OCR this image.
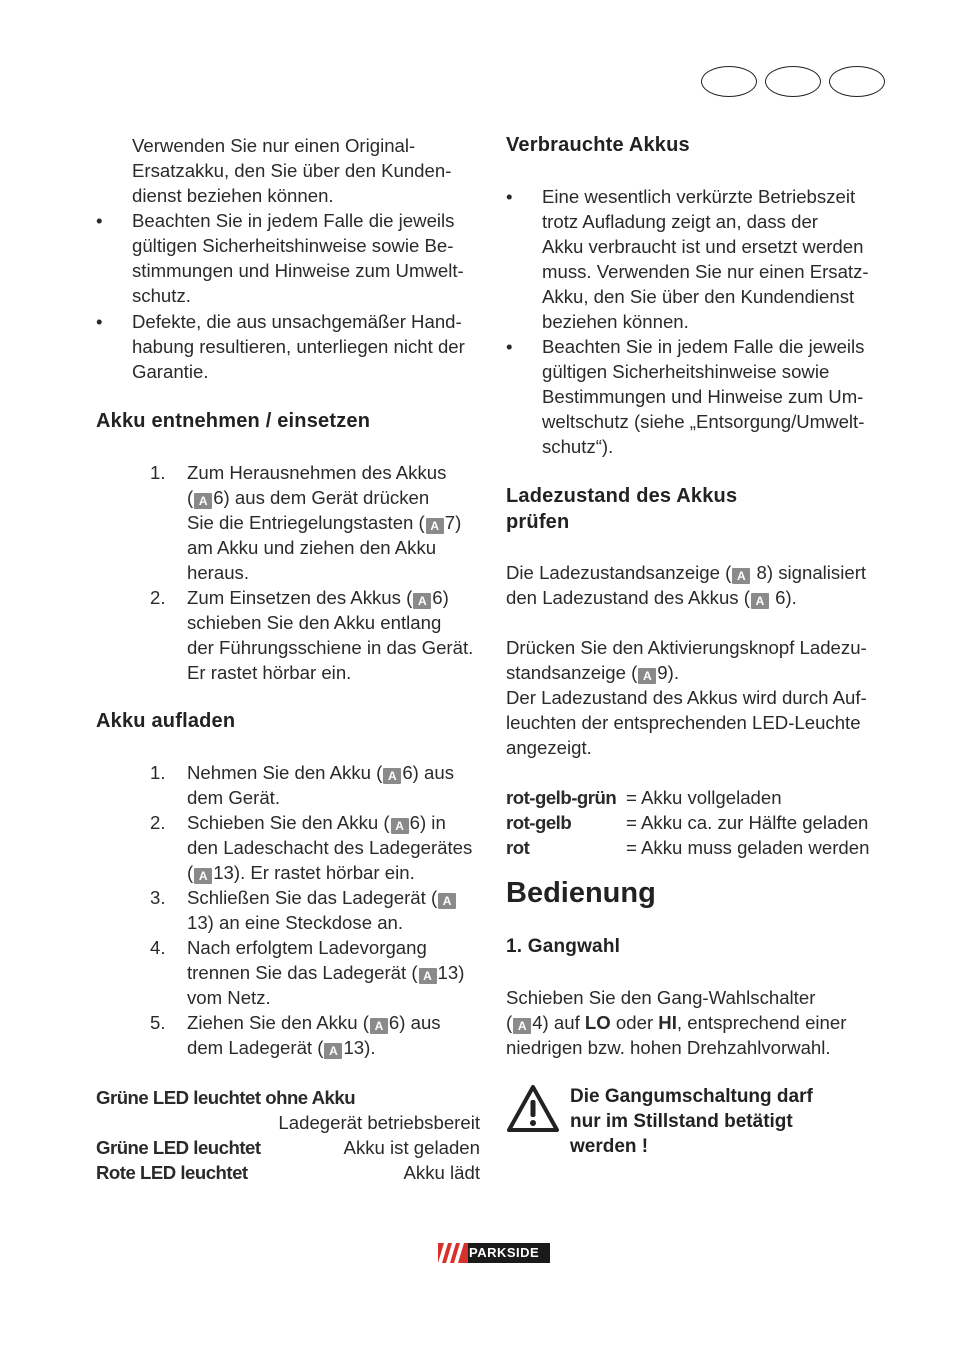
Verwenden Sie nur einen Original-
Ersatzakku, den Sie über den Kunden-
dienst beziehen können.
• Beachten Sie in jedem Falle die jeweils
gültigen Sicherheitshinweise sowie Be-
stimmungen und Hinweise zum Umwelt-
schutz.
• Defekte, die aus unsachgemäßer Hand-
habung resultieren, unterliegen nicht der
Garantie.
Akku entnehmen / einsetzen
1. Zum Herausnehmen des Akkus
( A 6) aus dem Gerät drücken
Sie die Entriegelungstasten ( A 7)
am Akku und ziehen den Akku
heraus.
2. Zum Einsetzen des Akkus ( A 6)
schieben Sie den Akku entlang
der Führungsschiene in das Gerät.
Er rastet hörbar ein.
Akku aufladen
1. Nehmen Sie den Akku ( A 6) aus
dem Gerät.
2. Schieben Sie den Akku ( A 6) in
den Ladeschacht des Ladegerätes
( A 13). Er rastet hörbar ein.
3. Schließen Sie das Ladegerät ( A
13) an eine Steckdose an.
4. Nach erfolgtem Ladevorgang
trennen Sie das Ladegerät ( A 13)
vom Netz.
5. Ziehen Sie den Akku ( A 6) aus
dem Ladegerät ( A 13).
Grüne LED leuchtet ohne Akku
Ladegerät betriebsbereit
Grüne LED leuchtet	Akku ist geladen
Rote LED leuchtet	Akku lädt
Verbrauchte Akkus
• Eine wesentlich verkürzte Betriebszeit
trotz Aufladung zeigt an, dass der
Akku verbraucht ist und ersetzt werden
muss. Verwenden Sie nur einen Ersatz-
Akku, den Sie über den Kundendienst
beziehen können.
• Beachten Sie in jedem Falle die jeweils
gültigen Sicherheitshinweise sowie
Bestimmungen und Hinweise zum Um-
weltschutz (siehe „Entsorgung/Umwelt-
schutz“).
Ladezustand des Akkus
prüfen
Die Ladezustandsanzeige ( A 8) signalisiert
den Ladezustand des Akkus ( A 6).
Drücken Sie den Aktivierungsknopf Ladezu-
standsanzeige ( A 9).
Der Ladezustand des Akkus wird durch Auf-
leuchten der entsprechenden LED-Leuchte
angezeigt.
rot-gelb-grün = Akku vollgeladen
rot-gelb	= Akku ca. zur Hälfte geladen
rot	= Akku muss geladen werden
Bedienung
1. Gangwahl
Schieben Sie den Gang-Wahlschalter
( A 4) auf LO oder HI, entsprechend einer
niedrigen bzw. hohen Drehzahlvorwahl.
Die Gangumschaltung darf
nur im Stillstand betätigt
werden !
PARKSIDE
